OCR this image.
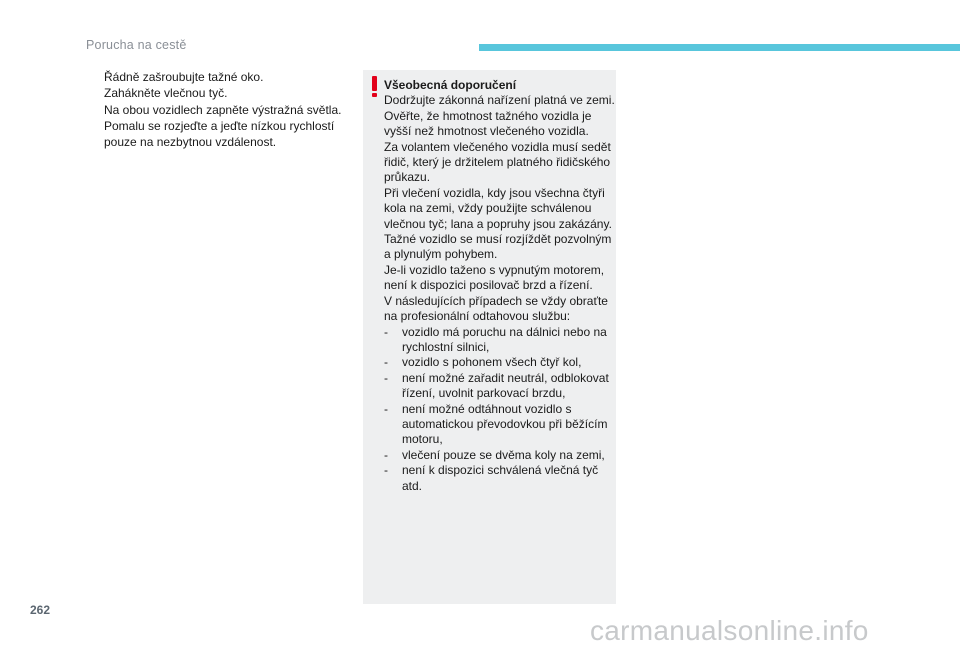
Porucha na cestě
Řádně zašroubujte tažné oko.
Zahákněte vlečnou tyč.
Na obou vozidlech zapněte výstražná světla.
Pomalu se rozjeďte a jeďte nízkou rychlostí pouze na nezbytnou vzdálenost.
Všeobecná doporučení

Dodržujte zákonná nařízení platná ve zemi.

Ověřte, že hmotnost tažného vozidla je vyšší než hmotnost vlečeného vozidla.

Za volantem vlečeného vozidla musí sedět řidič, který je držitelem platného řidičského průkazu.

Při vlečení vozidla, kdy jsou všechna čtyři kola na zemi, vždy použijte schválenou vlečnou tyč; lana a popruhy jsou zakázány.

Tažné vozidlo se musí rozjíždět pozvolným a plynulým pohybem.

Je-li vozidlo taženo s vypnutým motorem, není k dispozici posilovač brzd a řízení.

V následujících případech se vždy obraťte na profesionální odtahovou službu:

- vozidlo má poruchu na dálnici nebo na rychlostní silnici,
- vozidlo s pohonem všech čtyř kol,
- není možné zařadit neutrál, odblokovat řízení, uvolnit parkovací brzdu,
- není možné odtáhnout vozidlo s automatickou převodovkou při běžícím motoru,
- vlečení pouze se dvěma koly na zemi,
- není k dispozici schválená vlečná tyč atd.
262
carmanualsonline.info
